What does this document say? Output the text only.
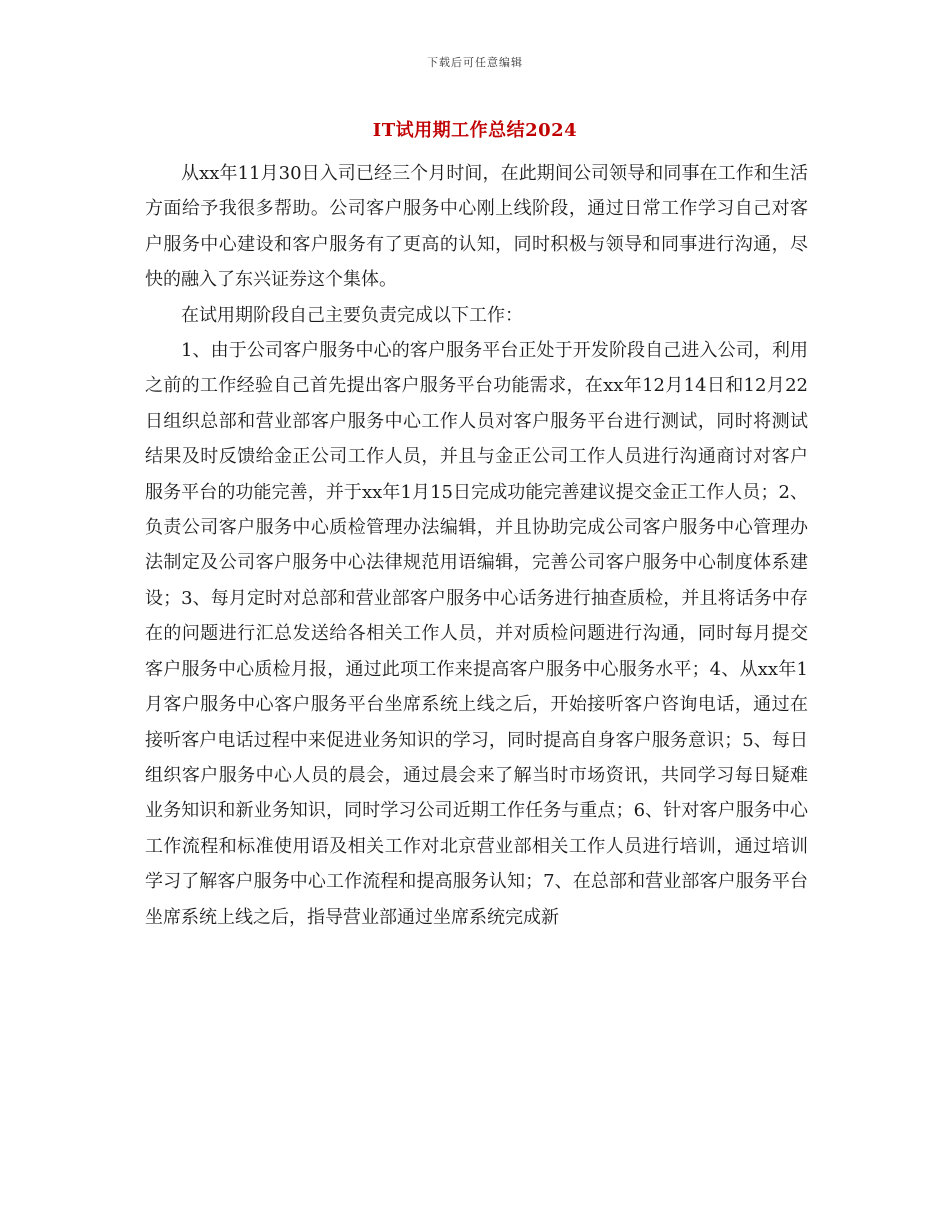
下载后可任意编辑
IT试用期工作总结2024

从xx年11月30日入司已经三个月时间，在此期间公司领导和同事在工作和生活方面给予我很多帮助。公司客户服务中心刚上线阶段，通过日常工作学习自己对客户服务中心建设和客户服务有了更高的认知，同时积极与领导和同事进行沟通，尽快的融入了东兴证券这个集体。

在试用期阶段自己主要负责完成以下工作：

1、由于公司客户服务中心的客户服务平台正处于开发阶段自己进入公司，利用之前的工作经验自己首先提出客户服务平台功能需求，在xx年12月14日和12月22日组织总部和营业部客户服务中心工作人员对客户服务平台进行测试，同时将测试结果及时反馈给金正公司工作人员，并且与金正公司工作人员进行沟通商讨对客户服务平台的功能完善，并于xx年1月15日完成功能完善建议提交金正工作人员；2、负责公司客户服务中心质检管理办法编辑，并且协助完成公司客户服务中心管理办法制定及公司客户服务中心法律规范用语编辑，完善公司客户服务中心制度体系建设；3、每月定时对总部和营业部客户服务中心话务进行抽查质检，并且将话务中存在的问题进行汇总发送给各相关工作人员，并对质检问题进行沟通，同时每月提交客户服务中心质检月报，通过此项工作来提高客户服务中心服务水平；4、从xx年1月客户服务中心客户服务平台坐席系统上线之后，开始接听客户咨询电话，通过在接听客户电话过程中来促进业务知识的学习，同时提高自身客户服务意识；5、每日组织客户服务中心人员的晨会，通过晨会来了解当时市场资讯，共同学习每日疑难业务知识和新业务知识，同时学习公司近期工作任务与重点；6、针对客户服务中心工作流程和标准使用语及相关工作对北京营业部相关工作人员进行培训，通过培训学习了解客户服务中心工作流程和提高服务认知；7、在总部和营业部客户服务平台坐席系统上线之后，指导营业部通过坐席系统完成新
